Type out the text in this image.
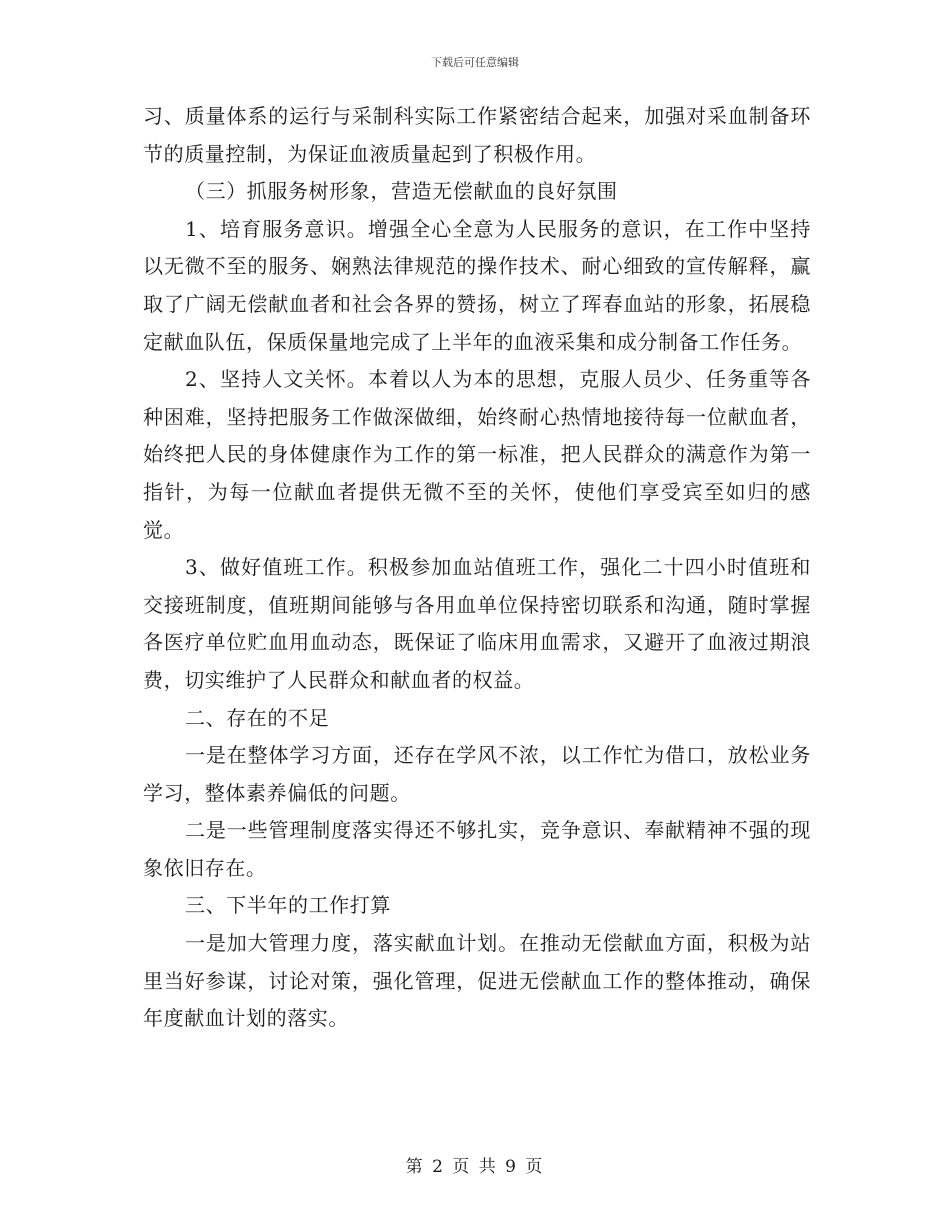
下载后可任意编辑

习、质量体系的运行与采制科实际工作紧密结合起来，加强对采血制备环节的质量控制，为保证血液质量起到了积极作用。

（三）抓服务树形象，营造无偿献血的良好氛围

1、培育服务意识。增强全心全意为人民服务的意识，在工作中坚持以无微不至的服务、娴熟法律规范的操作技术、耐心细致的宣传解释，赢取了广阔无偿献血者和社会各界的赞扬，树立了珲春血站的形象，拓展稳定献血队伍，保质保量地完成了上半年的血液采集和成分制备工作任务。

2、坚持人文关怀。本着以人为本的思想，克服人员少、任务重等各种困难，坚持把服务工作做深做细，始终耐心热情地接待每一位献血者，始终把人民的身体健康作为工作的第一标准，把人民群众的满意作为第一指针，为每一位献血者提供无微不至的关怀，使他们享受宾至如归的感觉。

3、做好值班工作。积极参加血站值班工作，强化二十四小时值班和交接班制度，值班期间能够与各用血单位保持密切联系和沟通，随时掌握各医疗单位贮血用血动态，既保证了临床用血需求，又避开了血液过期浪费，切实维护了人民群众和献血者的权益。

二、存在的不足

一是在整体学习方面，还存在学风不浓，以工作忙为借口，放松业务学习，整体素养偏低的问题。

二是一些管理制度落实得还不够扎实，竞争意识、奉献精神不强的现象依旧存在。

三、下半年的工作打算

一是加大管理力度，落实献血计划。在推动无偿献血方面，积极为站里当好参谋，讨论对策，强化管理，促进无偿献血工作的整体推动，确保年度献血计划的落实。

第 2 页 共 9 页
